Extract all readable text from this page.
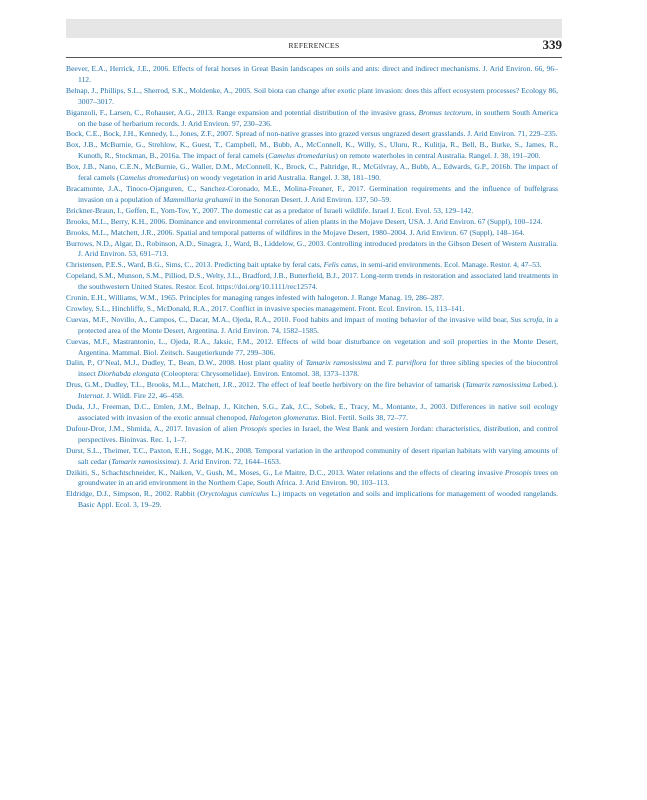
REFERENCES	339

Beever, E.A., Herrick, J.E., 2006. Effects of feral horses in Great Basin landscapes on soils and ants: direct and indirect mechanisms. J. Arid Environ. 66, 96–112.

Belnap, J., Phillips, S.L., Sherrod, S.K., Moldenke, A., 2005. Soil biota can change after exotic plant invasion: does this affect ecosystem processes? Ecology 86, 3007–3017.

Biganzoli, F., Larsen, C., Rohauser, A.G., 2013. Range expansion and potential distribution of the invasive grass, Bromus tectorum, in southern South America on the base of herbarium records. J. Arid Environ. 97, 230–236.

Bock, C.E., Bock, J.H., Kennedy, L., Jones, Z.F., 2007. Spread of non-native grasses into grazed versus ungrazed desert grasslands. J. Arid Environ. 71, 229–235.

Box, J.B., McBurnie, G., Strehlow, K., Guest, T., Campbell, M., Bubb, A., McConnell, K., Willy, S., Uluru, R., Kulitja, R., Bell, B., Burke, S., James, R., Kunoth, R., Stockman, B., 2016a. The impact of feral camels (Camelus dromedarius) on remote waterholes in central Australia. Rangel. J. 38, 191–200.

Box, J.B., Nano, C.E.N., McBurnie, G., Waller, D.M., McConnell, K., Brock, C., Paltridge, R., McGilvray, A., Bubb, A., Edwards, G.P., 2016b. The impact of feral camels (Camelus dromedarius) on woody vegetation in arid Australia. Rangel. J. 38, 181–190.

Bracamonte, J.A., Tinoco-Ojanguren, C., Sanchez-Coronado, M.E., Molina-Freaner, F., 2017. Germination requirements and the influence of buffelgrass invasion on a population of Mammillaria grahamii in the Sonoran Desert. J. Arid Environ. 137, 50–59.

Brickner-Braun, I., Geffen, E., Yom-Tov, Y., 2007. The domestic cat as a predator of Israeli wildlife. Israel J. Ecol. Evol. 53, 129–142.

Brooks, M.L., Berry, K.H., 2006. Dominance and environmental correlates of alien plants in the Mojave Desert, USA. J. Arid Environ. 67 (Suppl), 100–124.

Brooks, M.L., Matchett, J.R., 2006. Spatial and temporal patterns of wildfires in the Mojave Desert, 1980–2004. J. Arid Environ. 67 (Suppl), 148–164.

Burrows, N.D., Algar, D., Robinson, A.D., Sinagra, J., Ward, B., Liddelow, G., 2003. Controlling introduced predators in the Gibson Desert of Western Australia. J. Arid Environ. 53, 691–713.

Christensen, P.E.S., Ward, B.G., Sims, C., 2013. Predicting bait uptake by feral cats, Felis catus, in semi-arid environments. Ecol. Manage. Restor. 4, 47–53.

Copeland, S.M., Munson, S.M., Pilliod, D.S., Welty, J.L., Bradford, J.B., Butterfield, B.J., 2017. Long-term trends in restoration and associated land treatments in the southwestern United States. Restor. Ecol. https://doi.org/10.1111/rec12574.

Cronin, E.H., Williams, W.M., 1965. Principles for managing ranges infested with halogeton. J. Range Manag. 19, 286–287.

Crowley, S.L., Hinchliffe, S., McDonald, R.A., 2017. Conflict in invasive species management. Front. Ecol. Environ. 15, 113–141.

Cuevas, M.F., Novillo, A., Campos, C., Dacar, M.A., Ojeda, R.A., 2010. Food habits and impact of rooting behavior of the invasive wild boar, Sus scrofa, in a protected area of the Monte Desert, Argentina. J. Arid Environ. 74, 1582–1585.

Cuevas, M.F., Mastrantonio, L., Ojeda, R.A., Jaksic, F.M., 2012. Effects of wild boar disturbance on vegetation and soil properties in the Monte Desert, Argentina. Mammal. Biol. Zeitsch. Saugetierkunde 77, 299–306.

Dalin, P., O’Neal, M.J., Dudley, T., Bean, D.W., 2008. Host plant quality of Tamarix ramosissima and T. parviflora for three sibling species of the biocontrol insect Diorhabda elongata (Coleoptera: Chrysomelidae). Environ. Entomol. 38, 1373–1378.

Drus, G.M., Dudley, T.L., Brooks, M.L., Matchett, J.R., 2012. The effect of leaf beetle herbivory on the fire behavior of tamarisk (Tamarix ramosissima Lebed.). Internat. J. Wildl. Fire 22, 46–458.

Duda, J.J., Freeman, D.C., Emlen, J.M., Belnap, J., Kitchen, S.G., Zak, J.C., Sobek, E., Tracy, M., Montante, J., 2003. Differences in native soil ecology associated with invasion of the exotic annual chenopod, Halogeton glomeratus. Biol. Fertil. Soils 38, 72–77.

Dufour-Dror, J.M., Shmida, A., 2017. Invasion of alien Prosopis species in Israel, the West Bank and western Jordan: characteristics, distribution, and control perspectives. Bioinvas. Rec. 1, 1–7.

Durst, S.L., Theimer, T.C., Paxton, E.H., Sogge, M.K., 2008. Temporal variation in the arthropod community of desert riparian habitats with varying amounts of salt cedar (Tamarix ramosissima). J. Arid Environ. 72, 1644–1653.

Dzikiti, S., Schachtschneider, K., Naiken, V., Gush, M., Moses, G., Le Maitre, D.C., 2013. Water relations and the effects of clearing invasive Prosopis trees on groundwater in an arid environment in the Northern Cape, South Africa. J. Arid Environ. 90, 103–113.

Eldridge, D.J., Simpson, R., 2002. Rabbit (Oryctolagus cuniculus L.) impacts on vegetation and soils and implications for management of wooded rangelands. Basic Appl. Ecol. 3, 19–29.
